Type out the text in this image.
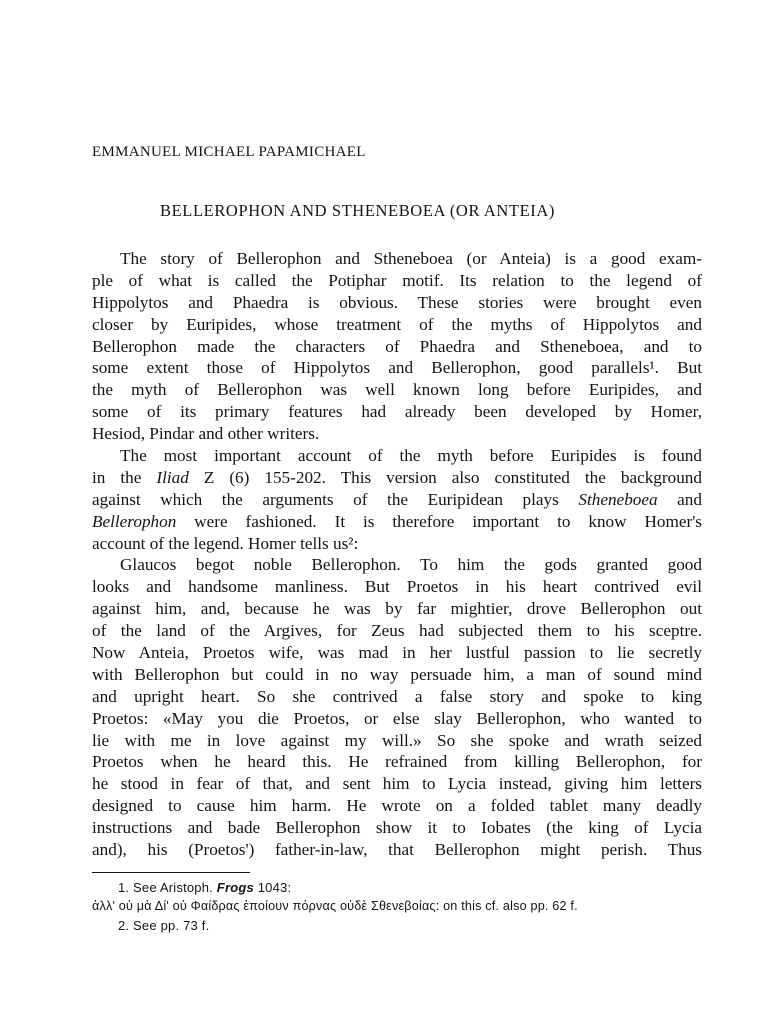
EMMANUEL MICHAEL PAPAMICHAEL
BELLEROPHON AND STHENEBOEA (OR ANTEIA)
The story of Bellerophon and Stheneboea (or Anteia) is a good exam-
ple of what is called the Potiphar motif. Its relation to the legend of
Hippolytos and Phaedra is obvious. These stories were brought even
closer by Euripides, whose treatment of the myths of Hippolytos and
Bellerophon made the characters of Phaedra and Stheneboea, and to
some extent those of Hippolytos and Bellerophon, good parallels¹. But
the myth of Bellerophon was well known long before Euripides, and
some of its primary features had already been developed by Homer,
Hesiod, Pindar and other writers.
The most important account of the myth before Euripides is found
in the Iliad Z (6) 155-202. This version also constituted the background
against which the arguments of the Euripidean plays Stheneboea and
Bellerophon were fashioned. It is therefore important to know Homer's
account of the legend. Homer tells us²:
Glaucos begot noble Bellerophon. To him the gods granted good
looks and handsome manliness. But Proetos in his heart contrived evil
against him, and, because he was by far mightier, drove Bellerophon out
of the land of the Argives, for Zeus had subjected them to his sceptre.
Now Anteia, Proetos wife, was mad in her lustful passion to lie secretly
with Bellerophon but could in no way persuade him, a man of sound mind
and upright heart. So she contrived a false story and spoke to king
Proetos: «May you die Proetos, or else slay Bellerophon, who wanted to
lie with me in love against my will.» So she spoke and wrath seized
Proetos when he heard this. He refrained from killing Bellerophon, for
he stood in fear of that, and sent him to Lycia instead, giving him letters
designed to cause him harm. He wrote on a folded tablet many deadly
instructions and bade Bellerophon show it to Iobates (the king of Lycia
and), his (Proetos') father-in-law, that Bellerophon might perish. Thus
1. See Aristoph. Frogs 1043:
ἀλλ' οὐ μὰ Δί' οὐ Φαίδρας ἐποίουν πόρνας οὐδὲ Σθενεβοίας: on this cf. also pp. 62 f.
2. See pp. 73 f.
